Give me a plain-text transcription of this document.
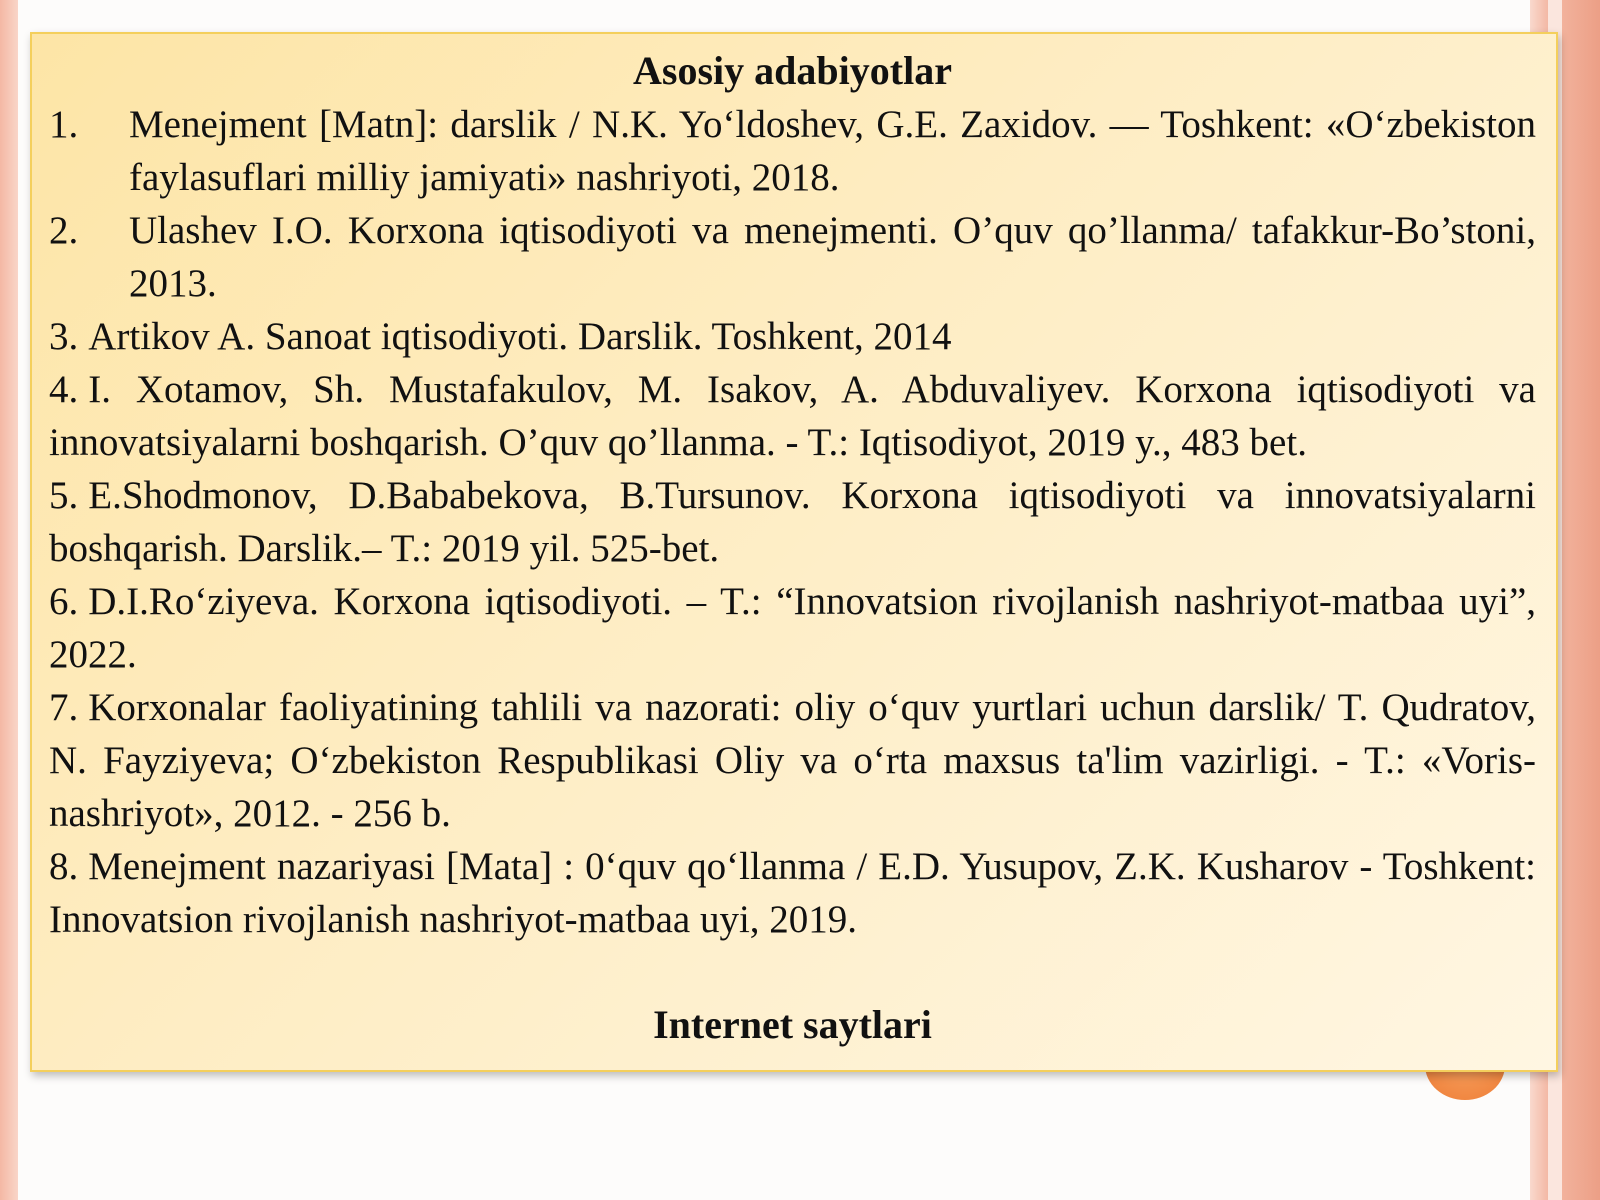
Asosiy adabiyotlar
1. Menejment [Matn]: darslik / N.K. Yo‘ldoshev, G.E. Zaxidov. — Toshkent: «O‘zbekiston faylasuflari milliy jamiyati» nashriyoti, 2018.
2. Ulashev I.O. Korxona iqtisodiyoti va menejmenti. O’quv qo’llanma/ tafakkur-Bo’stoni, 2013.
3. Artikov A. Sanoat iqtisodiyoti. Darslik. Toshkent, 2014
4. I. Xotamov, Sh. Mustafakulov, M. Isakov, A. Abduvaliyev. Korxona iqtisodiyoti va innovatsiyalarni boshqarish. O’quv qo’llanma. - T.: Iqtisodiyot, 2019 y., 483 bet.
5. E.Shodmonov, D.Bababekova, B.Tursunov. Korxona iqtisodiyoti va innovatsiyalarni boshqarish. Darslik.– T.: 2019 yil. 525-bet.
6. D.I.Ro‘ziyeva. Korxona iqtisodiyoti. – T.: “Innovatsion rivojlanish nashriyot-matbaa uyi”, 2022.
7. Korxonalar faoliyatining tahlili va nazorati: oliy o‘quv yurtlari uchun darslik/ T. Qudratov, N. Fayziyeva; O‘zbekiston Respublikasi Oliy va o‘rta maxsus ta'lim vazirligi. - T.: «Voris-nashriyot», 2012. - 256 b.
8. Menejment nazariyasi [Mata] : 0‘quv qo‘llanma / E.D. Yusupov, Z.K. Kusharov - Toshkent: Innovatsion rivojlanish nashriyot-matbaa uyi, 2019.
Internet saytlari
